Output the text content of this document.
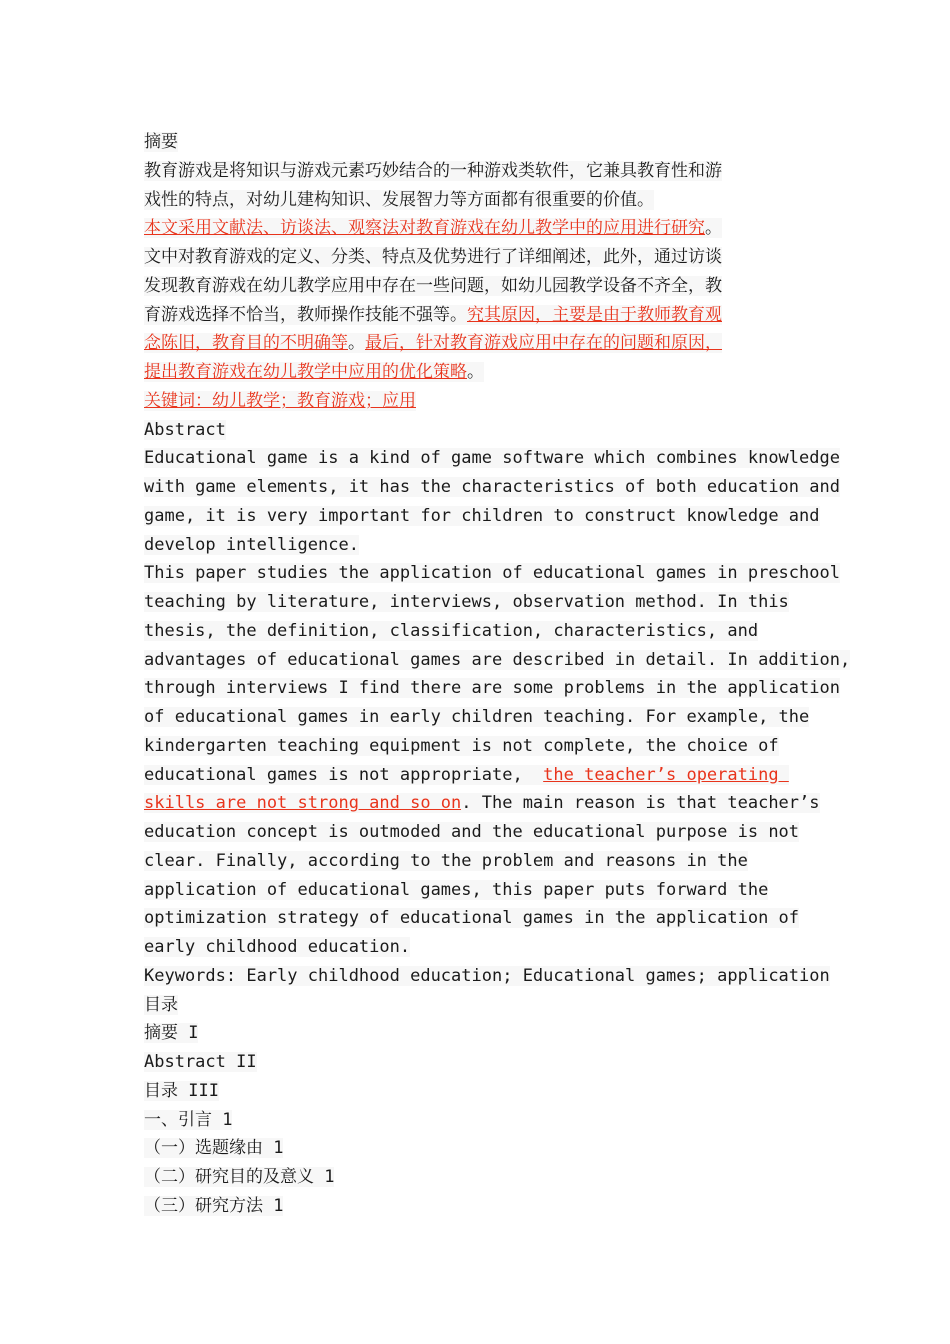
摘要
教育游戏是将知识与游戏元素巧妙结合的一种游戏类软件，它兼具教育性和游
戏性的特点，对幼儿建构知识、发展智力等方面都有很重要的价值。
本文采用文献法、访谈法、观察法对教育游戏在幼儿教学中的应用进行研究。
文中对教育游戏的定义、分类、特点及优势进行了详细阐述，此外，通过访谈
发现教育游戏在幼儿教学应用中存在一些问题，如幼儿园教学设备不齐全，教
育游戏选择不恰当，教师操作技能不强等。究其原因，主要是由于教师教育观
念陈旧，教育目的不明确等。最后，针对教育游戏应用中存在的问题和原因，
提出教育游戏在幼儿教学中应用的优化策略。
关键词：幼儿教学；教育游戏；应用
Abstract
Educational game is a kind of game software which combines knowledge
with game elements, it has the characteristics of both education and
game, it is very important for children to construct knowledge and
develop intelligence.
This paper studies the application of educational games in preschool
teaching by literature, interviews, observation method. In this
thesis, the definition, classification, characteristics, and
advantages of educational games are described in detail. In addition,
through interviews I find there are some problems in the application
of educational games in early children teaching. For example, the
kindergarten teaching equipment is not complete, the choice of
educational games is not appropriate,  the teacher’s operating
skills are not strong and so on. The main reason is that teacher’s
education concept is outmoded and the educational purpose is not
clear. Finally, according to the problem and reasons in the
application of educational games, this paper puts forward the
optimization strategy of educational games in the application of
early childhood education.
Keywords: Early childhood education; Educational games; application
目录
摘要 I
Abstract II
目录 III
一、引言 1
（一）选题缘由 1
（二）研究目的及意义 1
（三）研究方法 1
